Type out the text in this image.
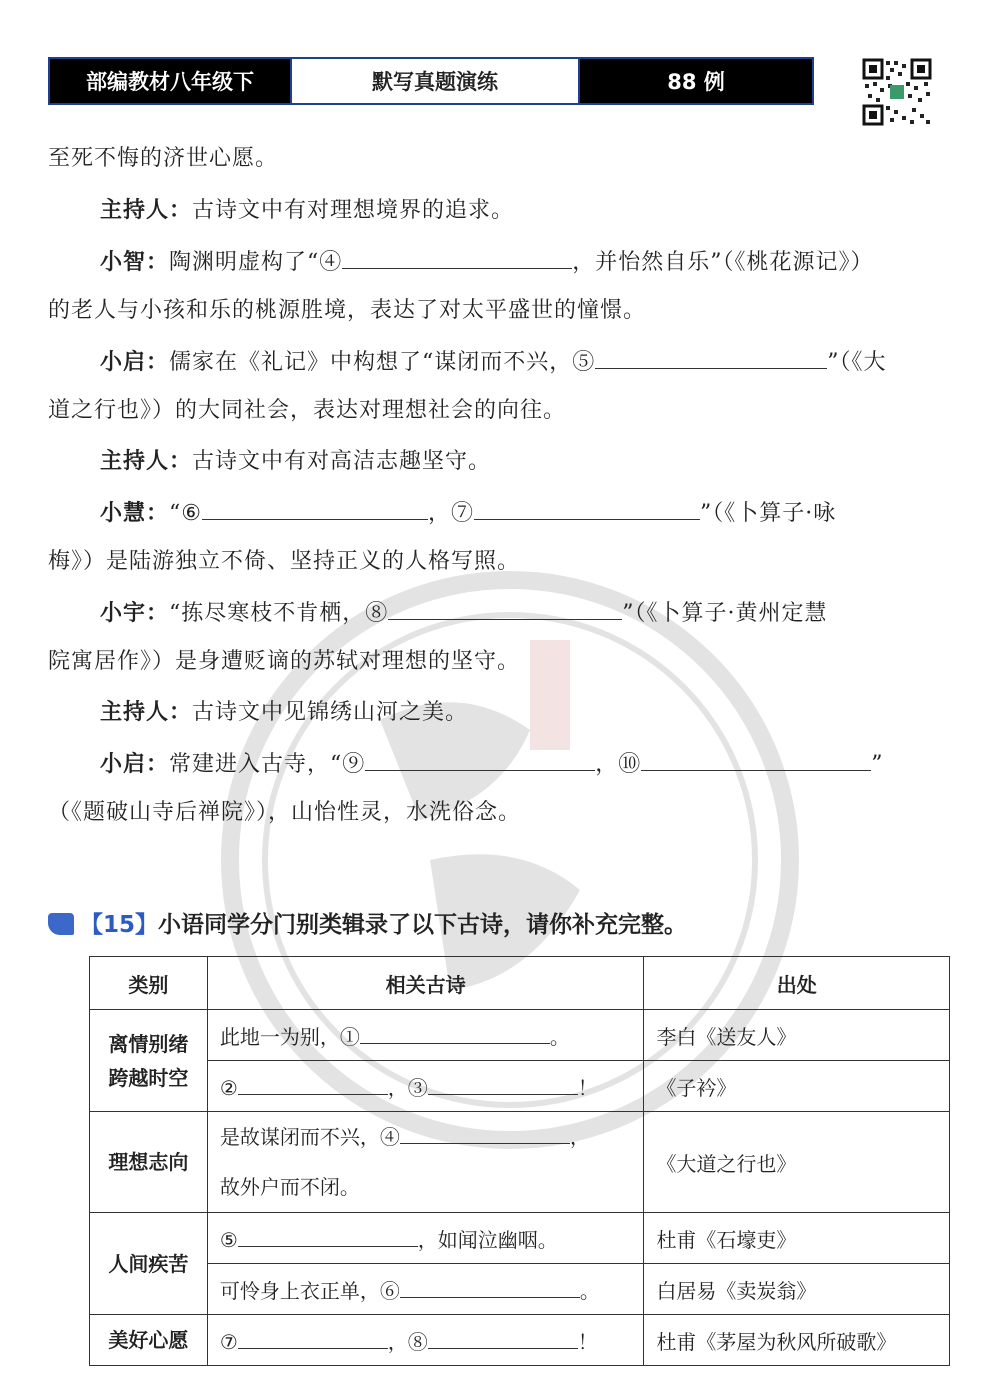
部编教材八年级下	默写真题演练	88 例
至死不悔的济世心愿。
主持人：古诗文中有对理想境界的追求。
小智：陶渊明虚构了“④	，并怡然自乐”（《桃花源记》）
的老人与小孩和乐的桃源胜境，表达了对太平盛世的憧憬。
小启：儒家在《礼记》中构想了“谋闭而不兴，⑤	”（《大
道之行也》）的大同社会，表达对理想社会的向往。
主持人：古诗文中有对高洁志趣坚守。
小慧：“⑥	，⑦	”（《卜算子·咏
梅》）是陆游独立不倚、坚持正义的人格写照。
小宇：“拣尽寒枝不肯栖，⑧	”（《卜算子·黄州定慧
院寓居作》）是身遭贬谪的苏轼对理想的坚守。
主持人：古诗文中见锦绣山河之美。
小启：常建进入古寺，“⑨	，⑩	”
（《题破山寺后禅院》），山怡性灵，水洗俗念。
【15】小语同学分门别类辑录了以下古诗，请你补充完整。
类别	相关古诗	出处
离情别绪
跨越时空	此地一为别，① 。	李白《送友人》
	② ，③ ！	《子衿》
理想志向	是故谋闭而不兴，④ ，
故外户而不闭。	《大道之行也》
人间疾苦	⑤ ，如闻泣幽咽。	杜甫《石壕吏》
	可怜身上衣正单，⑥ 。	白居易《卖炭翁》
美好心愿	⑦ ，⑧ ！	杜甫《茅屋为秋风所破歌》
